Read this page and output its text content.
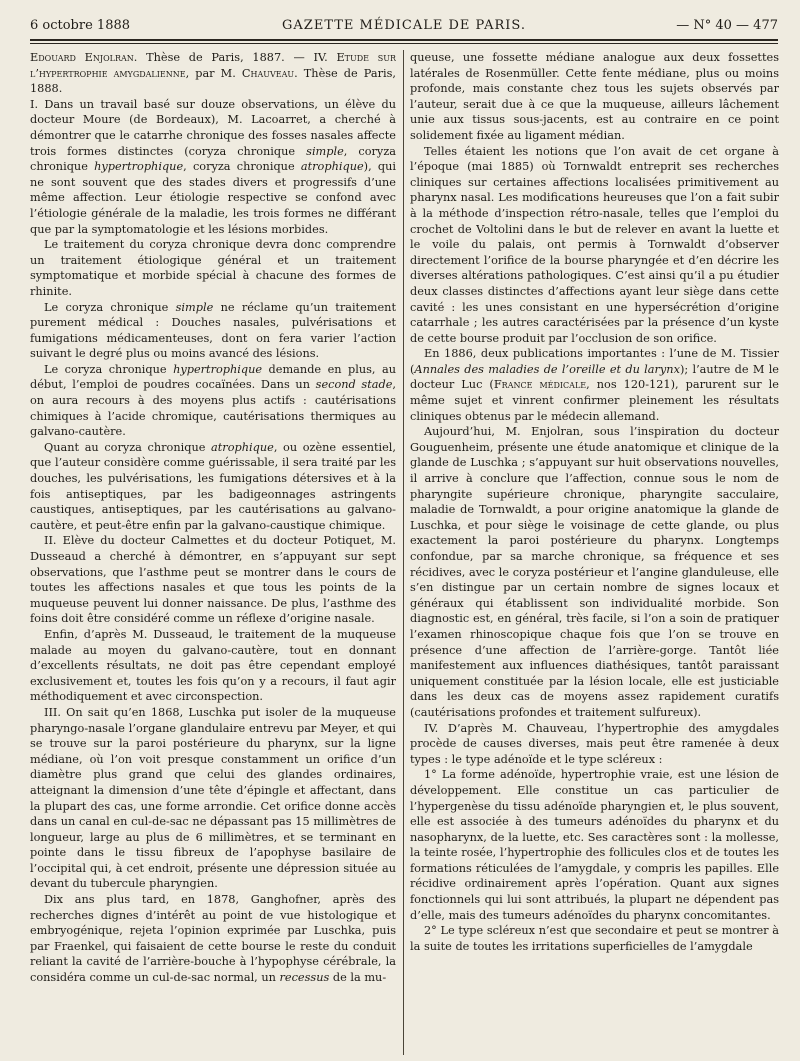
6 octobre 1888	GAZETTE MÉDICALE DE PARIS.	— N° 40 — 477

Edouard Enjolran. Thèse de Paris, 1887. — IV. Etude sur l’hypertrophie amygdalienne, par M. Chauveau. Thèse de Paris, 1888.

I. Dans un travail basé sur douze observations, un élève du docteur Moure (de Bordeaux), M. Lacoarret, a cherché à démontrer que le catarrhe chronique des fosses nasales affecte trois formes distinctes (coryza chronique simple, coryza chronique hypertrophique, coryza chronique atrophique), qui ne sont souvent que des stades divers et progressifs d’une même affection. Leur étiologie respective se confond avec l’étiologie générale de la maladie, les trois formes ne différant que par la symptomatologie et les lésions morbides.

Le traitement du coryza chronique devra donc comprendre un traitement étiologique général et un traitement symptomatique et morbide spécial à chacune des formes de rhinite.

Le coryza chronique simple ne réclame qu’un traitement purement médical : Douches nasales, pulvérisations et fumigations médicamenteuses, dont on fera varier l’action suivant le degré plus ou moins avancé des lésions.

Le coryza chronique hypertrophique demande en plus, au début, l’emploi de poudres cocaïnées. Dans un second stade, on aura recours à des moyens plus actifs : cautérisations chimiques à l’acide chromique, cautérisations thermiques au galvano-cautère.

Quant au coryza chronique atrophique, ou ozène essentiel, que l’auteur considère comme guérissable, il sera traité par les douches, les pulvérisations, les fumigations détersives et à la fois antiseptiques, par les badigeonnages astringents caustiques, antiseptiques, par les cautérisations au galvano-cautère, et peut-être enfin par la galvano-caustique chimique.

II. Elève du docteur Calmettes et du docteur Potiquet, M. Dusseaud a cherché à démontrer, en s’appuyant sur sept observations, que l’asthme peut se montrer dans le cours de toutes les affections nasales et que tous les points de la muqueuse peuvent lui donner naissance. De plus, l’asthme des foins doit être considéré comme un réflexe d’origine nasale.

Enfin, d’après M. Dusseaud, le traitement de la muqueuse malade au moyen du galvano-cautère, tout en donnant d’excellents résultats, ne doit pas être cependant employé exclusivement et, toutes les fois qu’on y a recours, il faut agir méthodiquement et avec circonspection.

III. On sait qu’en 1868, Luschka put isoler de la muqueuse pharyngo-nasale l’organe glandulaire entrevu par Meyer, et qui se trouve sur la paroi postérieure du pharynx, sur la ligne médiane, où l’on voit presque constamment un orifice d’un diamètre plus grand que celui des glandes ordinaires, atteignant la dimension d’une tête d’épingle et affectant, dans la plupart des cas, une forme arrondie. Cet orifice donne accès dans un canal en cul-de-sac ne dépassant pas 15 millimètres de longueur, large au plus de 6 millimètres, et se terminant en pointe dans le tissu fibreux de l’apophyse basilaire de l’occipital qui, à cet endroit, présente une dépression située au devant du tubercule pharyngien.

Dix ans plus tard, en 1878, Ganghofner, après des recherches dignes d’intérêt au point de vue histologique et embryogénique, rejeta l’opinion exprimée par Luschka, puis par Fraenkel, qui faisaient de cette bourse le reste du conduit reliant la cavité de l’arrière-bouche à l’hypophyse cérébrale, la considéra comme un cul-de-sac normal, un recessus de la mu-

queuse, une fossette médiane analogue aux deux fossettes latérales de Rosenmüller. Cette fente médiane, plus ou moins profonde, mais constante chez tous les sujets observés par l’auteur, serait due à ce que la muqueuse, ailleurs lâchement unie aux tissus sous-jacents, est au contraire en ce point solidement fixée au ligament médian.

Telles étaient les notions que l’on avait de cet organe à l’époque (mai 1885) où Tornwaldt entreprit ses recherches cliniques sur certaines affections localisées primitivement au pharynx nasal. Les modifications heureuses que l’on a fait subir à la méthode d’inspection rétro-nasale, telles que l’emploi du crochet de Voltolini dans le but de relever en avant la luette et le voile du palais, ont permis à Tornwaldt d’observer directement l’orifice de la bourse pharyngée et d’en décrire les diverses altérations pathologiques. C’est ainsi qu’il a pu étudier deux classes distinctes d’affections ayant leur siège dans cette cavité : les unes consistant en une hypersécrétion d’origine catarrhale ; les autres caractérisées par la présence d’un kyste de cette bourse produit par l’occlusion de son orifice.

En 1886, deux publications importantes : l’une de M. Tissier (Annales des maladies de l’oreille et du larynx); l’autre de M le docteur Luc (France médicale, nos 120-121), parurent sur le même sujet et vinrent confirmer pleinement les résultats cliniques obtenus par le médecin allemand.

Aujourd’hui, M. Enjolran, sous l’inspiration du docteur Gouguenheim, présente une étude anatomique et clinique de la glande de Luschka ; s’appuyant sur huit observations nouvelles, il arrive à conclure que l’affection, connue sous le nom de pharyngite supérieure chronique, pharyngite sacculaire, maladie de Tornwaldt, a pour origine anatomique la glande de Luschka, et pour siège le voisinage de cette glande, ou plus exactement la paroi postérieure du pharynx. Longtemps confondue, par sa marche chronique, sa fréquence et ses récidives, avec le coryza postérieur et l’angine glanduleuse, elle s’en distingue par un certain nombre de signes locaux et généraux qui établissent son individualité morbide. Son diagnostic est, en général, très facile, si l’on a soin de pratiquer l’examen rhinoscopique chaque fois que l’on se trouve en présence d’une affection de l’arrière-gorge. Tantôt liée manifestement aux influences diathésiques, tantôt paraissant uniquement constituée par la lésion locale, elle est justiciable dans les deux cas de moyens assez rapidement curatifs (cautérisations profondes et traitement sulfureux).

IV. D’après M. Chauveau, l’hypertrophie des amygdales procède de causes diverses, mais peut être ramenée à deux types : le type adénoïde et le type scléreux :

1° La forme adénoïde, hypertrophie vraie, est une lésion de développement. Elle constitue un cas particulier de l’hypergenèse du tissu adénoïde pharyngien et, le plus souvent, elle est associée à des tumeurs adénoïdes du pharynx et du nasopharynx, de la luette, etc. Ses caractères sont : la mollesse, la teinte rosée, l’hypertrophie des follicules clos et de toutes les formations réticulées de l’amygdale, y compris les papilles. Elle récidive ordinairement après l’opération. Quant aux signes fonctionnels qui lui sont attribués, la plupart ne dépendent pas d’elle, mais des tumeurs adénoïdes du pharynx concomitantes.

2° Le type scléreux n’est que secondaire et peut se montrer à la suite de toutes les irritations superficielles de l’amygdale
